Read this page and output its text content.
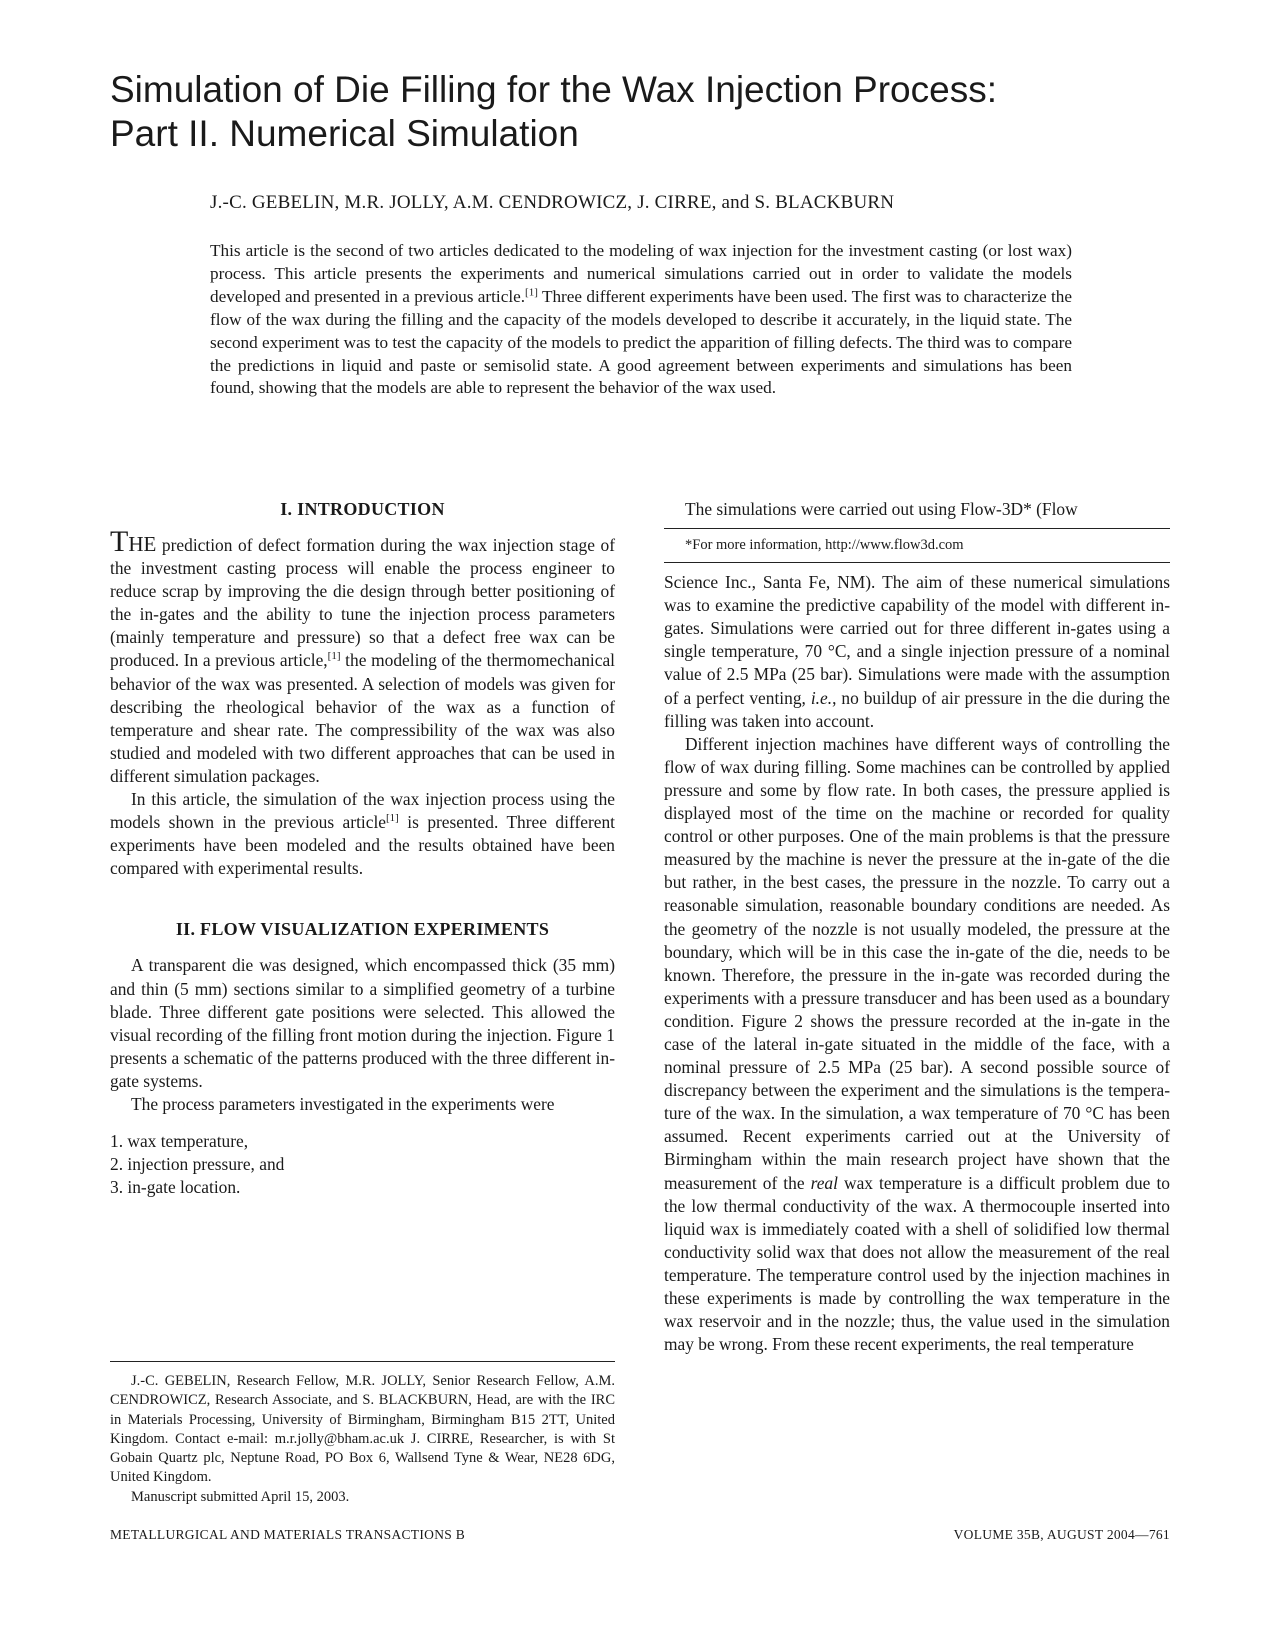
Simulation of Die Filling for the Wax Injection Process:
Part II. Numerical Simulation

J.-C. GEBELIN, M.R. JOLLY, A.M. CENDROWICZ, J. CIRRE, and S. BLACKBURN

This article is the second of two articles dedicated to the modeling of wax injection for the investment casting (or lost wax) process. This article presents the experiments and numerical simulations carried out in order to validate the models developed and presented in a previous article.[1] Three different experiments have been used. The first was to characterize the flow of the wax during the filling and the capacity of the models developed to describe it accurately, in the liquid state. The second experiment was to test the capacity of the models to predict the apparition of filling defects. The third was to compare the predictions in liquid and paste or semisolid state. A good agreement between experiments and simulations has been found, showing that the models are able to represent the behavior of the wax used.

I. INTRODUCTION

THE prediction of defect formation during the wax injection stage of the investment casting process will enable the process engineer to reduce scrap by improving the die design through better positioning of the in-gates and the ability to tune the injection process parameters (mainly temperature and pressure) so that a defect free wax can be produced. In a previous article,[1] the modeling of the thermomechanical behavior of the wax was presented. A selection of models was given for describing the rheological behavior of the wax as a function of temperature and shear rate. The compressibility of the wax was also studied and modeled with two different approaches that can be used in different simulation packages.

In this article, the simulation of the wax injection process using the models shown in the previous article[1] is presented. Three different experiments have been modeled and the results obtained have been compared with experimental results.

II. FLOW VISUALIZATION EXPERIMENTS

A transparent die was designed, which encompassed thick (35 mm) and thin (5 mm) sections similar to a simplified geometry of a turbine blade. Three different gate positions were selected. This allowed the visual recording of the filling front motion during the injection. Figure 1 presents a schematic of the patterns produced with the three different in-gate systems.

The process parameters investigated in the experiments were

1. wax temperature,
2. injection pressure, and
3. in-gate location.

J.-C. GEBELIN, Research Fellow, M.R. JOLLY, Senior Research Fellow, A.M. CENDROWICZ, Research Associate, and S. BLACKBURN, Head, are with the IRC in Materials Processing, University of Birmingham, Birmingham B15 2TT, United Kingdom. Contact e-mail: m.r.jolly@bham.ac.uk J. CIRRE, Researcher, is with St Gobain Quartz plc, Neptune Road, PO Box 6, Wallsend Tyne & Wear, NE28 6DG, United Kingdom.

Manuscript submitted April 15, 2003.

The simulations were carried out using Flow-3D* (Flow

*For more information, http://www.flow3d.com

Science Inc., Santa Fe, NM). The aim of these numerical simulations was to examine the predictive capability of the model with different in-gates. Simulations were carried out for three different in-gates using a single temperature, 70 °C, and a single injection pressure of a nominal value of 2.5 MPa (25 bar). Simulations were made with the assumption of a perfect venting, i.e., no buildup of air pressure in the die during the filling was taken into account.

Different injection machines have different ways of controlling the flow of wax during filling. Some machines can be controlled by applied pressure and some by flow rate. In both cases, the pressure applied is displayed most of the time on the machine or recorded for quality control or other purposes. One of the main problems is that the pressure measured by the machine is never the pressure at the in-gate of the die but rather, in the best cases, the pressure in the nozzle. To carry out a reasonable simulation, reasonable boundary conditions are needed. As the geometry of the nozzle is not usually modeled, the pressure at the boundary, which will be in this case the in-gate of the die, needs to be known. Therefore, the pressure in the in-gate was recorded during the experiments with a pressure transducer and has been used as a boundary condition. Figure 2 shows the pressure recorded at the in-gate in the case of the lateral in-gate situated in the middle of the face, with a nominal pressure of 2.5 MPa (25 bar). A second possible source of discrepancy between the experiment and the simulations is the temperature of the wax. In the simulation, a wax temperature of 70 °C has been assumed. Recent experiments carried out at the University of Birmingham within the main research project have shown that the measurement of the real wax temperature is a difficult problem due to the low thermal conductivity of the wax. A thermocouple inserted into liquid wax is immediately coated with a shell of solidified low thermal conductivity solid wax that does not allow the measurement of the real temperature. The temperature control used by the injection machines in these experiments is made by controlling the wax temperature in the wax reservoir and in the nozzle; thus, the value used in the simulation may be wrong. From these recent experiments, the real temperature

METALLURGICAL AND MATERIALS TRANSACTIONS B	VOLUME 35B, AUGUST 2004—761
